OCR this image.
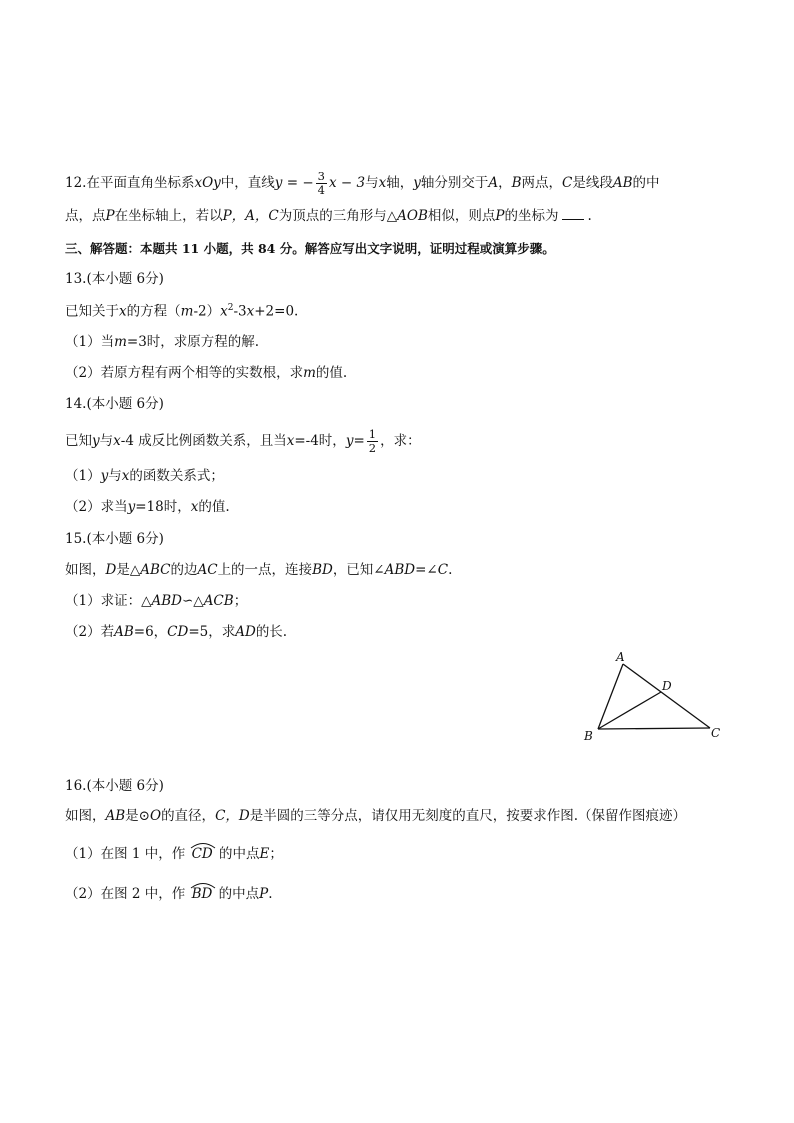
12.在平面直角坐标系xOy中，直线y = − $\frac{3}{4}$ x − 3与x轴，y轴分别交于A，B两点，C是线段AB的中
点，点P在坐标轴上，若以P，A，C为顶点的三角形与△AOB相似，则点P的坐标为 .
三、解答题：本题共 11 小题，共 84 分。解答应写出文字说明，证明过程或演算步骤。
13.(本小题 6分)
已知关于x的方程$(m-2)x^2-3x+2=0$.
（1）当m=3时，求原方程的解.
（2）若原方程有两个相等的实数根，求m的值.
14.(本小题 6分)
已知y与x-4 成反比例函数关系，且当x=-4时，$y= \frac{1}{2}$ ，求：
（1）y与x的函数关系式；
（2）求当y=18时，x的值.
15.(本小题 6分)
如图，D是△ABC的边AC上的一点，连接BD，已知∠ABD=∠C.
（1）求证：△ABD∽△ACB；
（2）若AB=6，CD=5，求AD的长.
A
B	C
D
16.(本小题 6分)
如图，AB是⊙O的直径，C，D是半圆的三等分点，请仅用无刻度的直尺，按要求作图.（保留作图痕迹）
（1）在图 1 中，作 CD 的中点E；
（2）在图 2 中，作 BD 的中点P.
